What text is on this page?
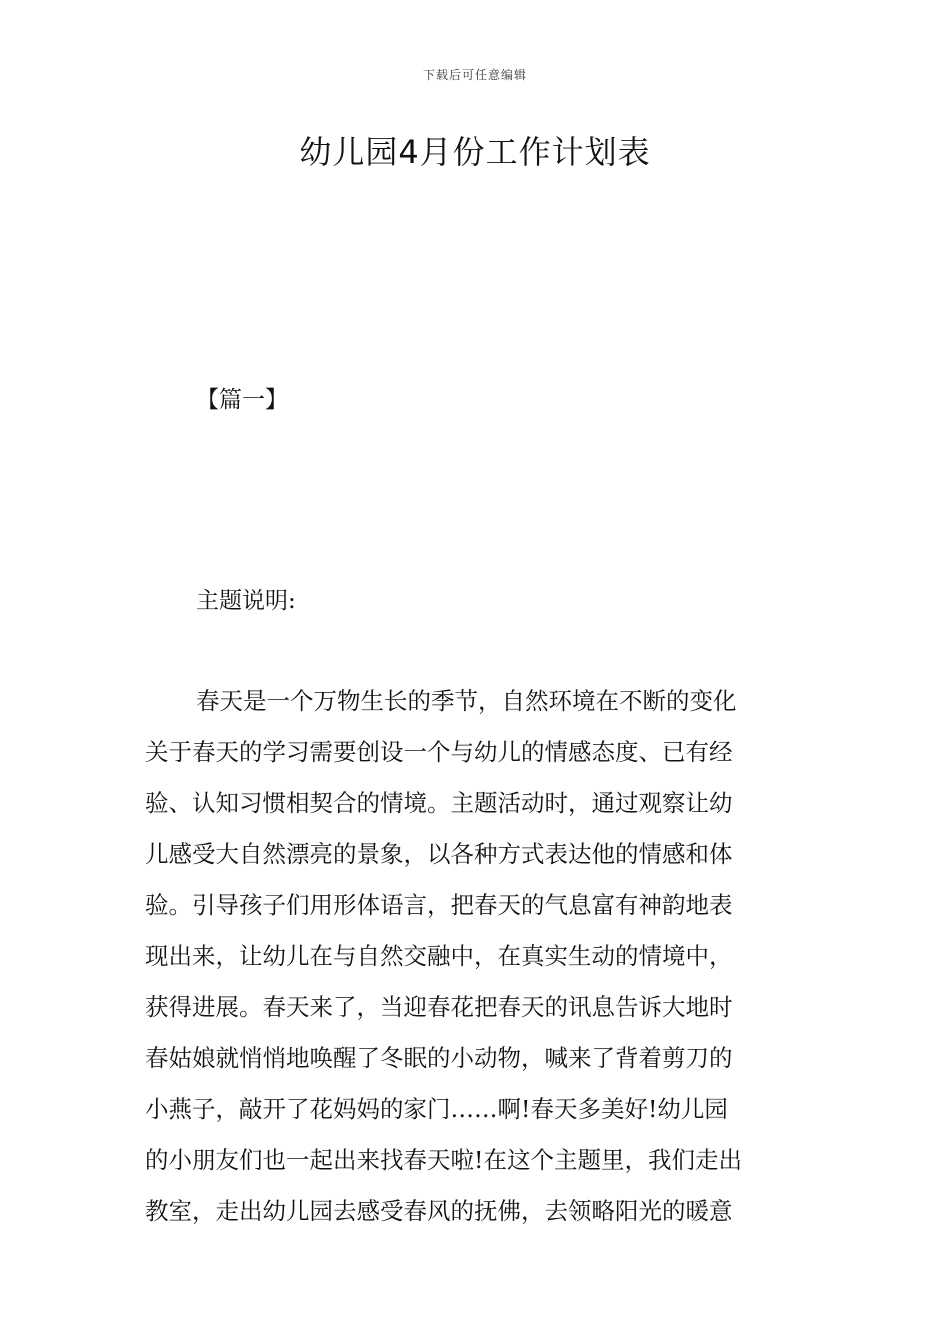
下载后可任意编辑
幼儿园4月份工作计划表
【篇一】
主题说明:
春天是一个万物生长的季节，自然环境在不断的变化
关于春天的学习需要创设一个与幼儿的情感态度、已有经
验、认知习惯相契合的情境。主题活动时，通过观察让幼
儿感受大自然漂亮的景象，以各种方式表达他的情感和体
验。引导孩子们用形体语言，把春天的气息富有神韵地表
现出来，让幼儿在与自然交融中，在真实生动的情境中，
获得进展。春天来了，当迎春花把春天的讯息告诉大地时
春姑娘就悄悄地唤醒了冬眠的小动物，喊来了背着剪刀的
小燕子，敲开了花妈妈的家门……啊!春天多美好!幼儿园
的小朋友们也一起出来找春天啦!在这个主题里，我们走出
教室，走出幼儿园去感受春风的抚佛，去领略阳光的暖意
